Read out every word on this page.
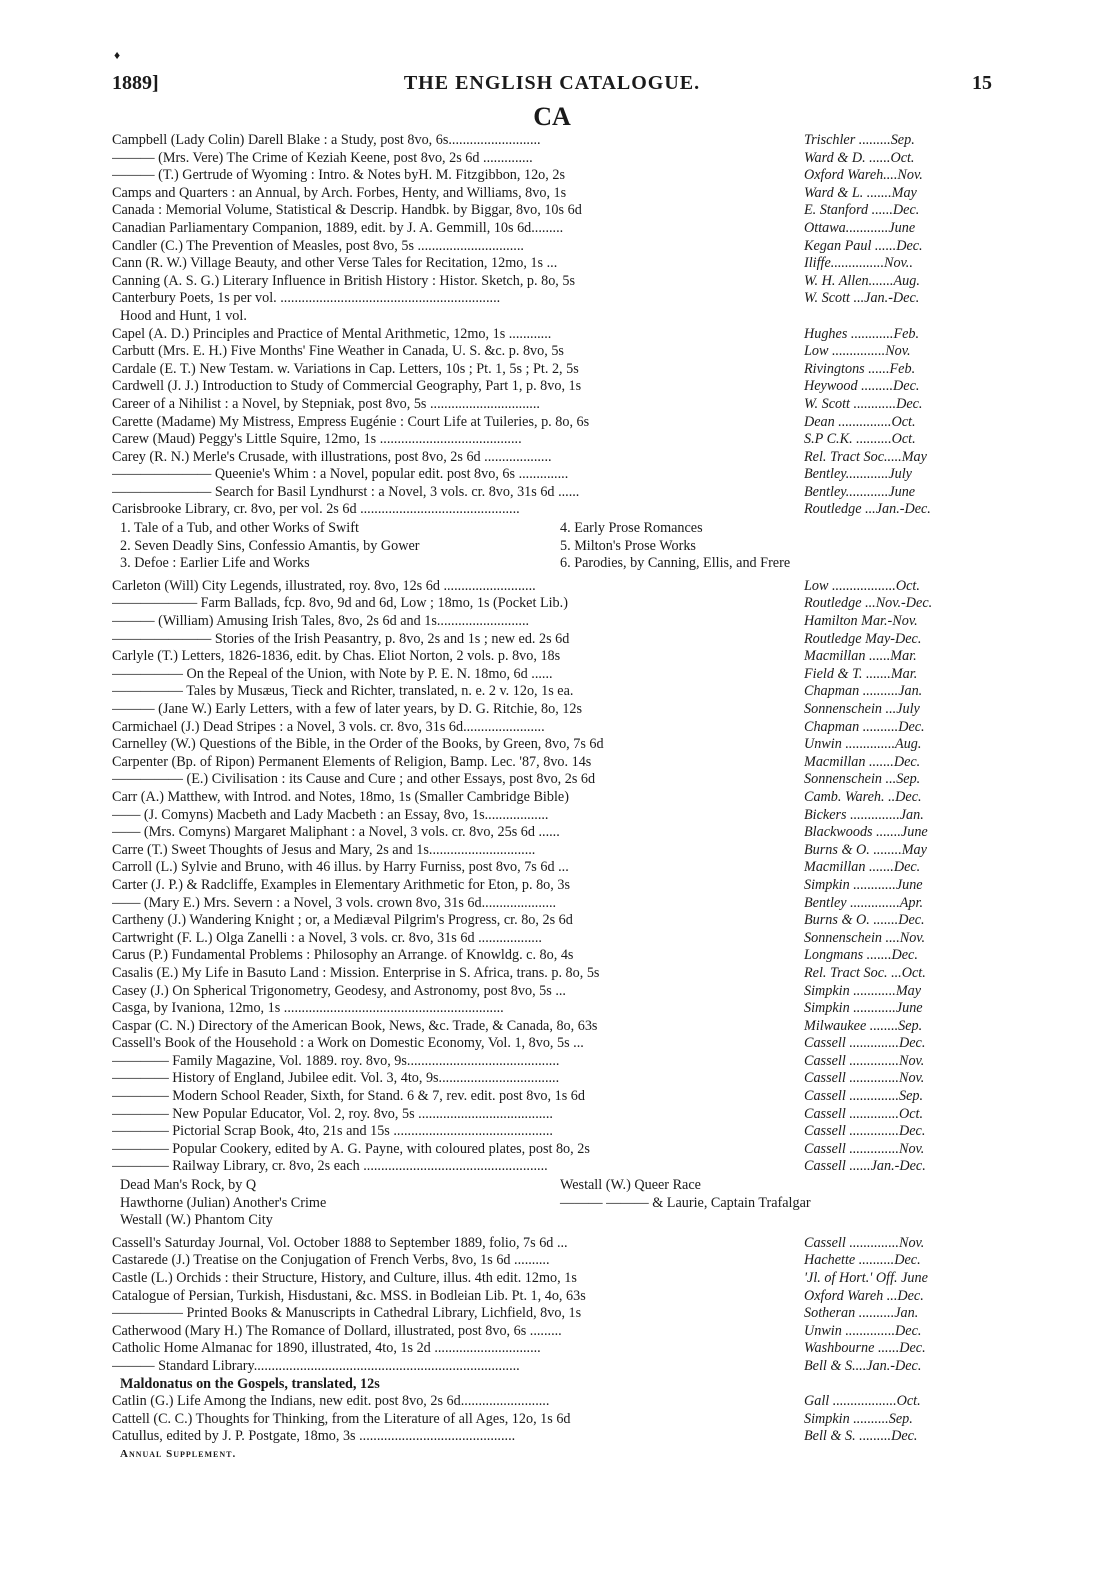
♦
1889]	THE ENGLISH CATALOGUE.	15
CA
Campbell (Lady Colin) Darell Blake : a Study, post 8vo, 6s..........................	Trischler .........Sep.
——— (Mrs. Vere) The Crime of Keziah Keene, post 8vo, 2s 6d ..............	Ward & D. ......Oct.
——— (T.) Gertrude of Wyoming : Intro. & Notes byH. M. Fitzgibbon, 12o, 2s	Oxford Wareh....Nov.
Camps and Quarters : an Annual, by Arch. Forbes, Henty, and Williams, 8vo, 1s	Ward & L. .......May
Canada : Memorial Volume, Statistical & Descrip. Handbk. by Biggar, 8vo, 10s 6d	E. Stanford ......Dec.
Canadian Parliamentary Companion, 1889, edit. by J. A. Gemmill, 10s 6d.........	Ottawa............June
Candler (C.) The Prevention of Measles, post 8vo, 5s ..............................	Kegan Paul ......Dec.
Cann (R. W.) Village Beauty, and other Verse Tales for Recitation, 12mo, 1s ...	Iliffe...............Nov..
Canning (A. S. G.) Literary Influence in British History : Histor. Sketch, p. 8o, 5s	W. H. Allen.......Aug.
Canterbury Poets, 1s per vol. ..............................................................	W. Scott ...Jan.-Dec.
Hood and Hunt, 1 vol.
Capel (A. D.) Principles and Practice of Mental Arithmetic, 12mo, 1s ............	Hughes ............Feb.
Carbutt (Mrs. E. H.) Five Months' Fine Weather in Canada, U. S. &c. p. 8vo, 5s	Low ...............Nov.
Cardale (E. T.) New Testam. w. Variations in Cap. Letters, 10s ; Pt. 1, 5s ; Pt. 2, 5s	Rivingtons ......Feb.
Cardwell (J. J.) Introduction to Study of Commercial Geography, Part 1, p. 8vo, 1s	Heywood .........Dec.
Career of a Nihilist : a Novel, by Stepniak, post 8vo, 5s ...............................	W. Scott ............Dec.
Carette (Madame) My Mistress, Empress Eugénie : Court Life at Tuileries, p. 8o, 6s	Dean ...............Oct.
Carew (Maud) Peggy's Little Squire, 12mo, 1s ........................................	S.P C.K. ..........Oct.
Carey (R. N.) Merle's Crusade, with illustrations, post 8vo, 2s 6d ...................	Rel. Tract Soc.....May
——————— Queenie's Whim : a Novel, popular edit. post 8vo, 6s ..............	Bentley............July
——————— Search for Basil Lyndhurst : a Novel, 3 vols. cr. 8vo, 31s 6d ......	Bentley............June
Carisbrooke Library, cr. 8vo, per vol. 2s 6d .............................................	Routledge ...Jan.-Dec.
1. Tale of a Tub, and other Works of Swift	4. Early Prose Romances
2. Seven Deadly Sins, Confessio Amantis, by Gower	5. Milton's Prose Works
3. Defoe : Earlier Life and Works	6. Parodies, by Canning, Ellis, and Frere
Carleton (Will) City Legends, illustrated, roy. 8vo, 12s 6d ..........................	Low ..................Oct.
—————— Farm Ballads, fcp. 8vo, 9d and 6d, Low ; 18mo, 1s (Pocket Lib.)	Routledge ...Nov.-Dec.
——— (William) Amusing Irish Tales, 8vo, 2s 6d and 1s..........................	Hamilton Mar.-Nov.
——————— Stories of the Irish Peasantry, p. 8vo, 2s and 1s ; new ed. 2s 6d	Routledge May-Dec.
Carlyle (T.) Letters, 1826-1836, edit. by Chas. Eliot Norton, 2 vols. p. 8vo, 18s	Macmillan ......Mar.
————— On the Repeal of the Union, with Note by P. E. N. 18mo, 6d ......	Field & T. .......Mar.
————— Tales by Musæus, Tieck and Richter, translated, n. e. 2 v. 12o, 1s ea.	Chapman ..........Jan.
——— (Jane W.) Early Letters, with a few of later years, by D. G. Ritchie, 8o, 12s	Sonnenschein ...July
Carmichael (J.) Dead Stripes : a Novel, 3 vols. cr. 8vo, 31s 6d.......................	Chapman ..........Dec.
Carnelley (W.) Questions of the Bible, in the Order of the Books, by Green, 8vo, 7s 6d	Unwin ..............Aug.
Carpenter (Bp. of Ripon) Permanent Elements of Religion, Bamp. Lec. '87, 8vo. 14s	Macmillan .......Dec.
————— (E.) Civilisation : its Cause and Cure ; and other Essays, post 8vo, 2s 6d	Sonnenschein ...Sep.
Carr (A.) Matthew, with Introd. and Notes, 18mo, 1s (Smaller Cambridge Bible)	Camb. Wareh. ..Dec.
—— (J. Comyns) Macbeth and Lady Macbeth : an Essay, 8vo, 1s..................	Bickers ..............Jan.
—— (Mrs. Comyns) Margaret Maliphant : a Novel, 3 vols. cr. 8vo, 25s 6d ......	Blackwoods .......June
Carre (T.) Sweet Thoughts of Jesus and Mary, 2s and 1s..............................	Burns & O. ........May
Carroll (L.) Sylvie and Bruno, with 46 illus. by Harry Furniss, post 8vo, 7s 6d ...	Macmillan .......Dec.
Carter (J. P.) & Radcliffe, Examples in Elementary Arithmetic for Eton, p. 8o, 3s	Simpkin ............June
—— (Mary E.) Mrs. Severn : a Novel, 3 vols. crown 8vo, 31s 6d.....................	Bentley ..............Apr.
Cartheny (J.) Wandering Knight ; or, a Mediæval Pilgrim's Progress, cr. 8o, 2s 6d	Burns & O. .......Dec.
Cartwright (F. L.) Olga Zanelli : a Novel, 3 vols. cr. 8vo, 31s 6d ..................	Sonnenschein ....Nov.
Carus (P.) Fundamental Problems : Philosophy an Arrange. of Knowldg. c. 8o, 4s	Longmans .......Dec.
Casalis (E.) My Life in Basuto Land : Mission. Enterprise in S. Africa, trans. p. 8o, 5s	Rel. Tract Soc. ...Oct.
Casey (J.) On Spherical Trigonometry, Geodesy, and Astronomy, post 8vo, 5s ...	Simpkin ............May
Casga, by Ivaniona, 12mo, 1s ..............................................................	Simpkin ............June
Caspar (C. N.) Directory of the American Book, News, &c. Trade, & Canada, 8o, 63s	Milwaukee ........Sep.
Cassell's Book of the Household : a Work on Domestic Economy, Vol. 1, 8vo, 5s ...	Cassell ..............Dec.
———— Family Magazine, Vol. 1889. roy. 8vo, 9s...........................................	Cassell ..............Nov.
———— History of England, Jubilee edit. Vol. 3, 4to, 9s..................................	Cassell ..............Nov.
———— Modern School Reader, Sixth, for Stand. 6 & 7, rev. edit. post 8vo, 1s 6d	Cassell ..............Sep.
———— New Popular Educator, Vol. 2, roy. 8vo, 5s ......................................	Cassell ..............Oct.
———— Pictorial Scrap Book, 4to, 21s and 15s .............................................	Cassell ..............Dec.
———— Popular Cookery, edited by A. G. Payne, with coloured plates, post 8o, 2s	Cassell ..............Nov.
———— Railway Library, cr. 8vo, 2s each ....................................................	Cassell ......Jan.-Dec.
Dead Man's Rock, by Q	Westall (W.) Queer Race
Hawthorne (Julian) Another's Crime	——— ——— & Laurie, Captain Trafalgar
Westall (W.) Phantom City
Cassell's Saturday Journal, Vol. October 1888 to September 1889, folio, 7s 6d ...	Cassell ..............Nov.
Castarede (J.) Treatise on the Conjugation of French Verbs, 8vo, 1s 6d ..........	Hachette ..........Dec.
Castle (L.) Orchids : their Structure, History, and Culture, illus. 4th edit. 12mo, 1s	'Jl. of Hort.' Off. June
Catalogue of Persian, Turkish, Hisdustani, &c. MSS. in Bodleian Lib. Pt. 1, 4o, 63s	Oxford Wareh ...Dec.
————— Printed Books & Manuscripts in Cathedral Library, Lichfield, 8vo, 1s	Sotheran ..........Jan.
Catherwood (Mary H.) The Romance of Dollard, illustrated, post 8vo, 6s .........	Unwin ..............Dec.
Catholic Home Almanac for 1890, illustrated, 4to, 1s 2d ..............................	Washbourne ......Dec.
——— Standard Library...........................................................................	Bell & S....Jan.-Dec.
Maldonatus on the Gospels, translated, 12s
Catlin (G.) Life Among the Indians, new edit. post 8vo, 2s 6d.........................	Gall ..................Oct.
Cattell (C. C.) Thoughts for Thinking, from the Literature of all Ages, 12o, 1s 6d	Simpkin ..........Sep.
Catullus, edited by J. P. Postgate, 18mo, 3s ............................................	Bell & S. .........Dec.
Annual Supplement.
